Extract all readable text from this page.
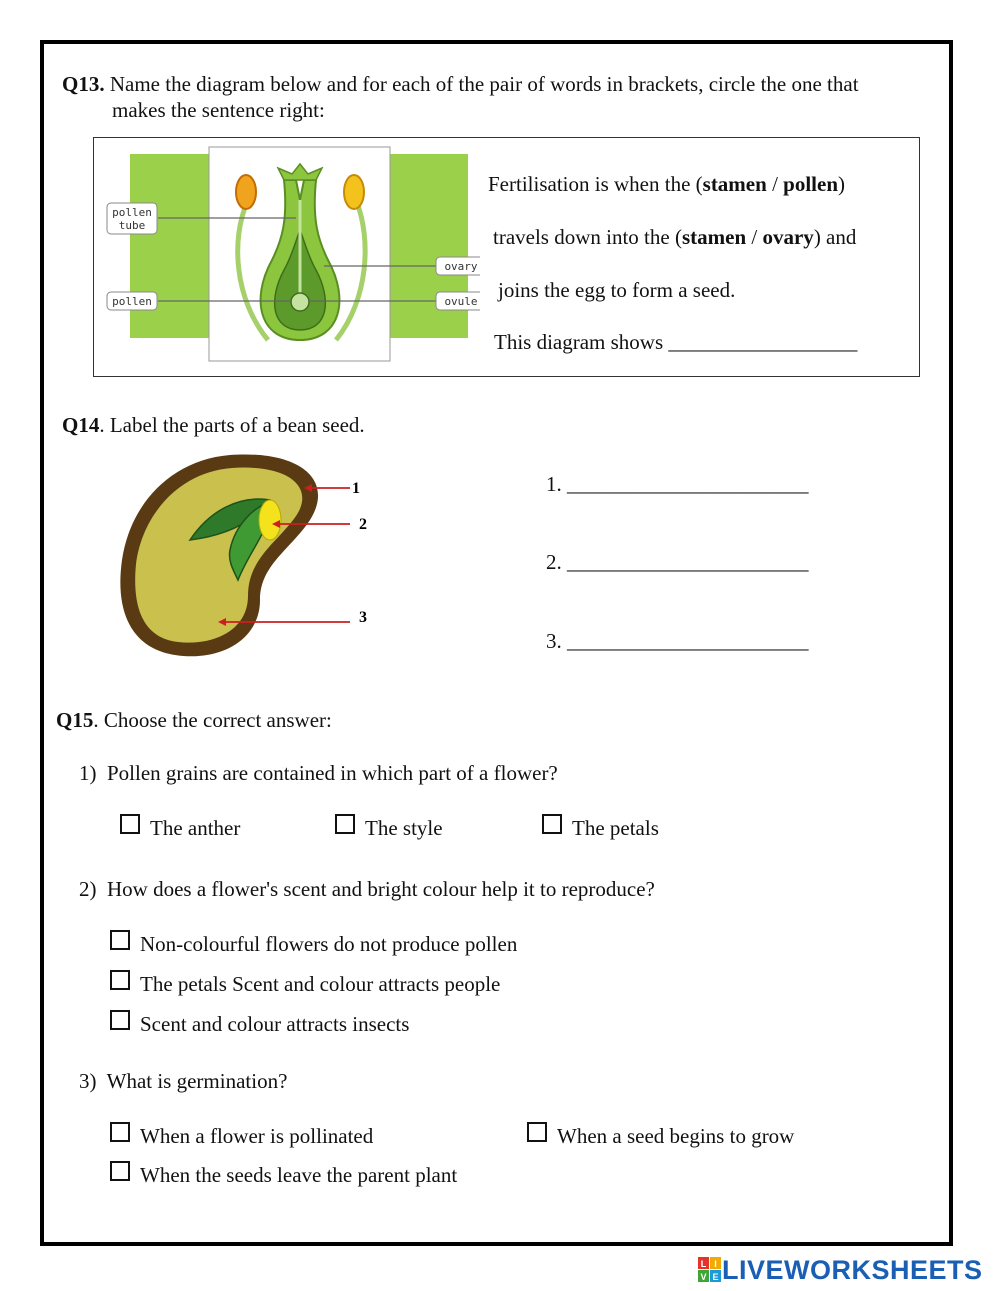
Q13. Name the diagram below and for each of the pair of words in brackets, circle the one that
makes the sentence right:
pollen
tube
pollen
ovary
ovule
Fertilisation is when the (stamen / pollen)
travels down into the (stamen / ovary) and
joins the egg to form a seed.
This diagram shows __________________
Q14. Label the parts of a bean seed.
1
2
3
1. _______________________
2. _______________________
3. _______________________
Q15. Choose the correct answer:
1) Pollen grains are contained in which part of a flower?
The anther	The style	The petals
2) How does a flower's scent and bright colour help it to reproduce?
Non-colourful flowers do not produce pollen
The petals Scent and colour attracts people
Scent and colour attracts insects
3) What is germination?
When a flower is pollinated	When a seed begins to grow
When the seeds leave the parent plant
L I
V E LIVEWORKSHEETS
